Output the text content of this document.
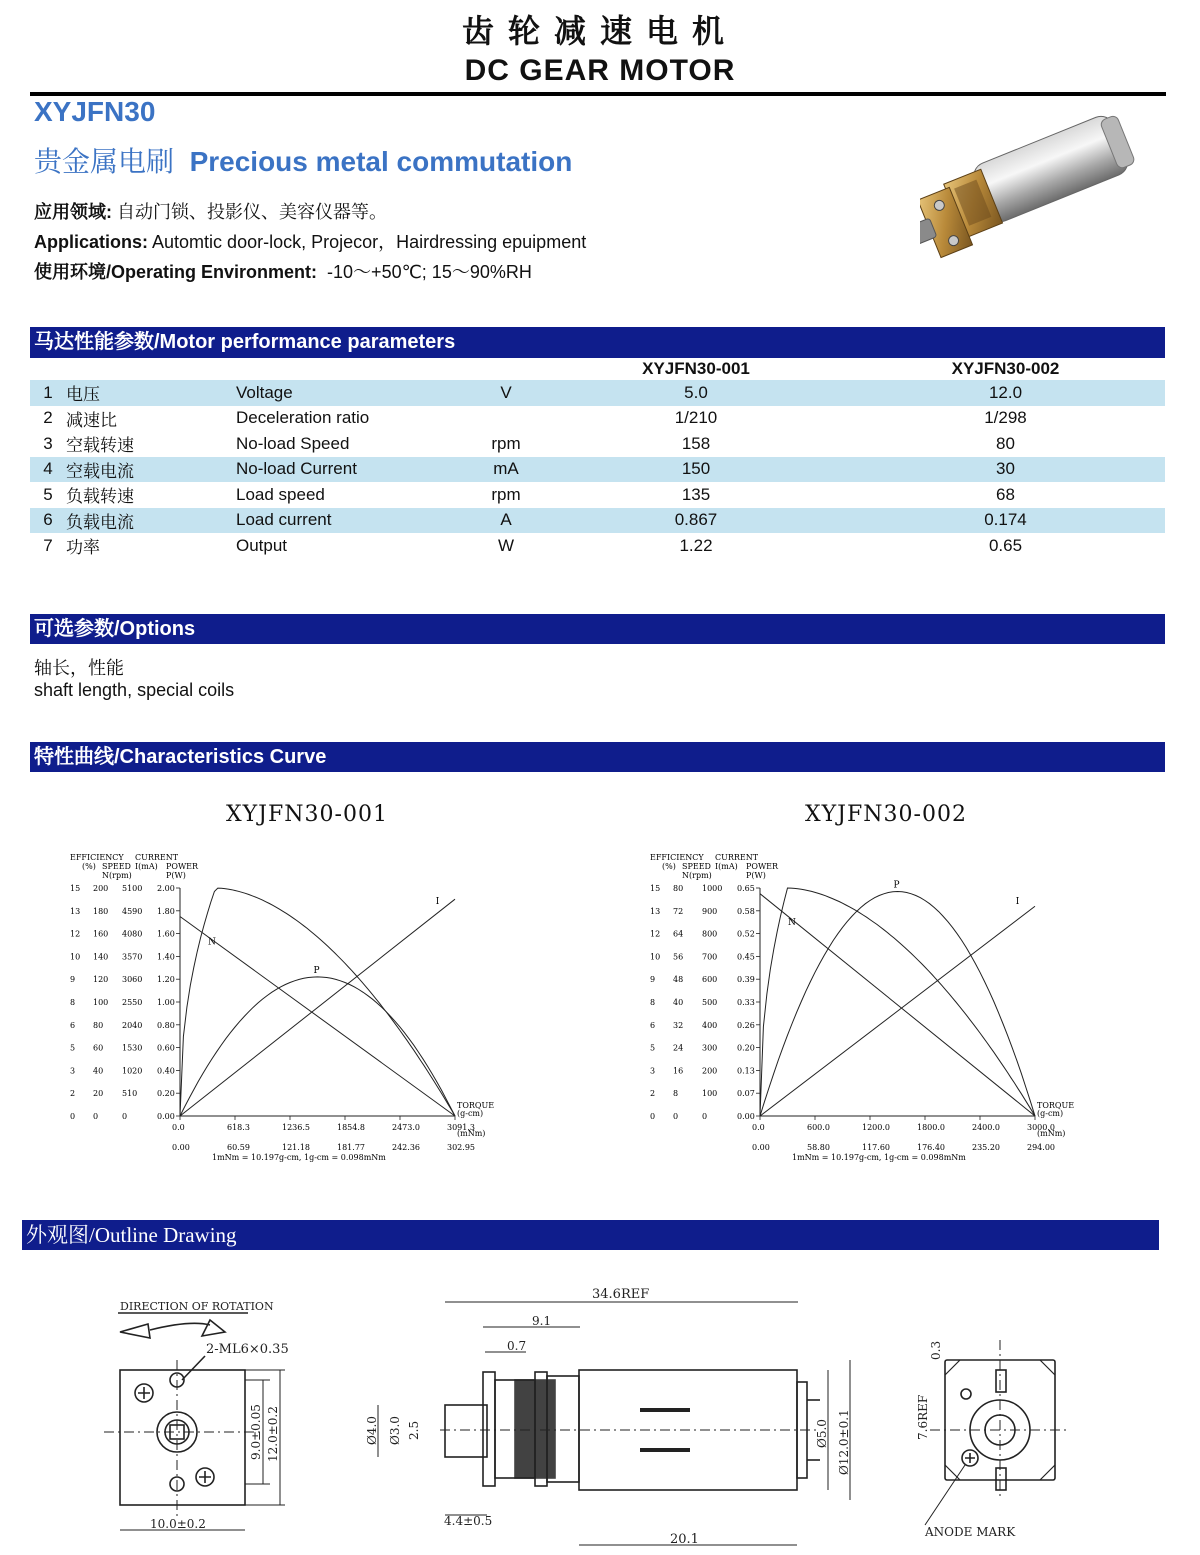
齿轮减速电机
DC GEAR MOTOR
XYJFN30
贵金属电刷 Precious metal commutation
应用领域: 自动门锁、投影仪、美容仪器等。
Applications: Automtic door-lock, Projecor，Hairdressing epuipment
使用环境/Operating Environment: -10～+50℃; 15～90%RH
马达性能参数/Motor performance parameters
				XYJFN30-001	XYJFN30-002
1	电压	Voltage	V	5.0	12.0
2	减速比	Deceleration ratio		1/210	1/298
3	空载转速	No-load Speed	rpm	158	80
4	空载电流	No-load Current	mA	150	30
5	负载转速	Load speed	rpm	135	68
6	负载电流	Load current	A	0.867	0.174
7	功率	Output	W	1.22	0.65
可选参数/Options
轴长，性能
shaft length, special coils
特性曲线/Characteristics Curve
XYJFN30-001	XYJFN30-002
EFFICIENCY
(%)
CURRENT
SPEED I(mA)
N(rpm)
POWER
P(W)
15 200 5100 2.00
13 180 4590 1.80
12 160 4080 1.60
10 140 3570 1.40
9 120 3060 1.20
8 100 2550 1.00
6 80 2040 0.80
5 60 1530 0.60
3 40 1020 0.40
2 20 510 0.20
0 0	0	0.00
0.0
0.00
618.3
60.59
1236.5
121.18
1854.8
181.77
2473.0
242.36
3091.3
302.95
TORQUE
(g-cm)
(mNm)
1mNm = 10.197g-cm, 1g-cm = 0.098mNm
N
P
I
EFFICIENCY
(%)
CURRENT
SPEED I(mA)
N(rpm)
POWER
P(W)
15 80 1000 0.65
13 72 900 0.58
12 64 800 0.52
10 56 700 0.45
9 48 600 0.39
8 40 500 0.33
6 32 400 0.26
5 24 300 0.20
3 16 200 0.13
2 8	100 0.07
0 0	0	0.00
0.0
0.00
600.0
58.80
1200.0
117.60
1800.0
176.40
2400.0
235.20
3000.0
294.00
TORQUE
(g-cm)
(mNm)
1mNm = 10.197g-cm, 1g-cm = 0.098mNm
N
P
I
外观图/Outline Drawing
DIRECTION OF ROTATION
2-ML6×0.35
9.0±0.05 12.0±0.2
10.0±0.2
34.6REF
9.1
0.7
Ø4.0 Ø3.0 2.5	Ø5.0 Ø12.0±0.1
4.4±0.5
20.1
0.3
7.6REF
ANODE MARK
